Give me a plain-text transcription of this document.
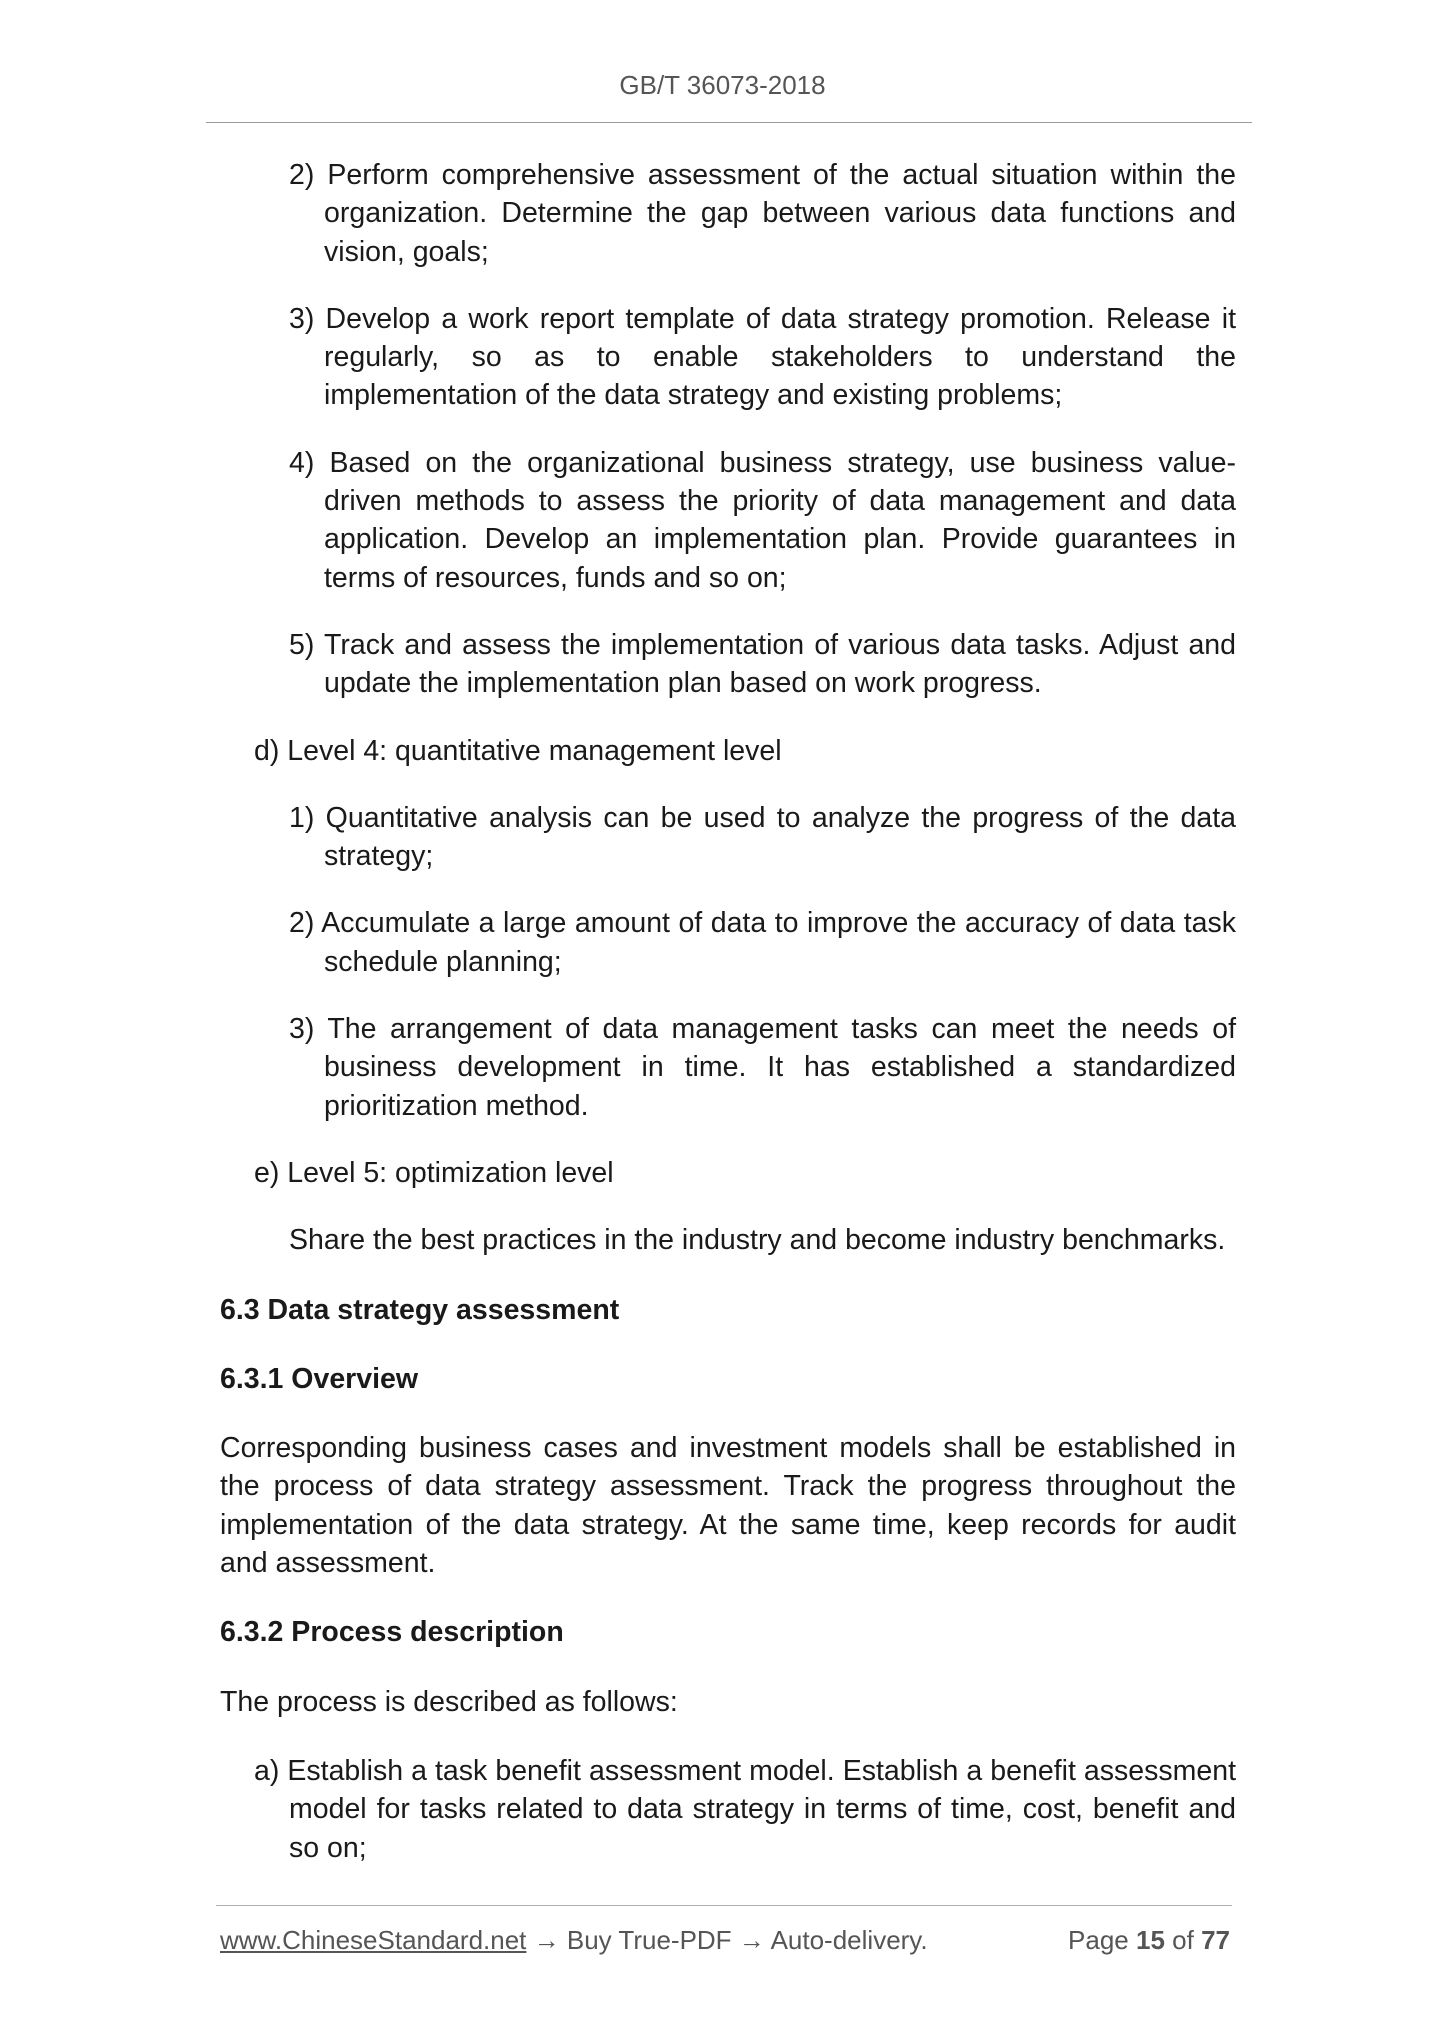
GB/T 36073-2018

2) Perform comprehensive assessment of the actual situation within the organization. Determine the gap between various data functions and vision, goals;

3) Develop a work report template of data strategy promotion. Release it regularly, so as to enable stakeholders to understand the implementation of the data strategy and existing problems;

4) Based on the organizational business strategy, use business value-driven methods to assess the priority of data management and data application. Develop an implementation plan. Provide guarantees in terms of resources, funds and so on;

5) Track and assess the implementation of various data tasks. Adjust and update the implementation plan based on work progress.

d) Level 4: quantitative management level

1) Quantitative analysis can be used to analyze the progress of the data strategy;

2) Accumulate a large amount of data to improve the accuracy of data task schedule planning;

3) The arrangement of data management tasks can meet the needs of business development in time. It has established a standardized prioritization method.

e) Level 5: optimization level

Share the best practices in the industry and become industry benchmarks.

6.3 Data strategy assessment

6.3.1 Overview

Corresponding business cases and investment models shall be established in the process of data strategy assessment. Track the progress throughout the implementation of the data strategy. At the same time, keep records for audit and assessment.

6.3.2 Process description

The process is described as follows:

a) Establish a task benefit assessment model. Establish a benefit assessment model for tasks related to data strategy in terms of time, cost, benefit and so on;

www.ChineseStandard.net → Buy True-PDF → Auto-delivery.	Page 15 of 77
